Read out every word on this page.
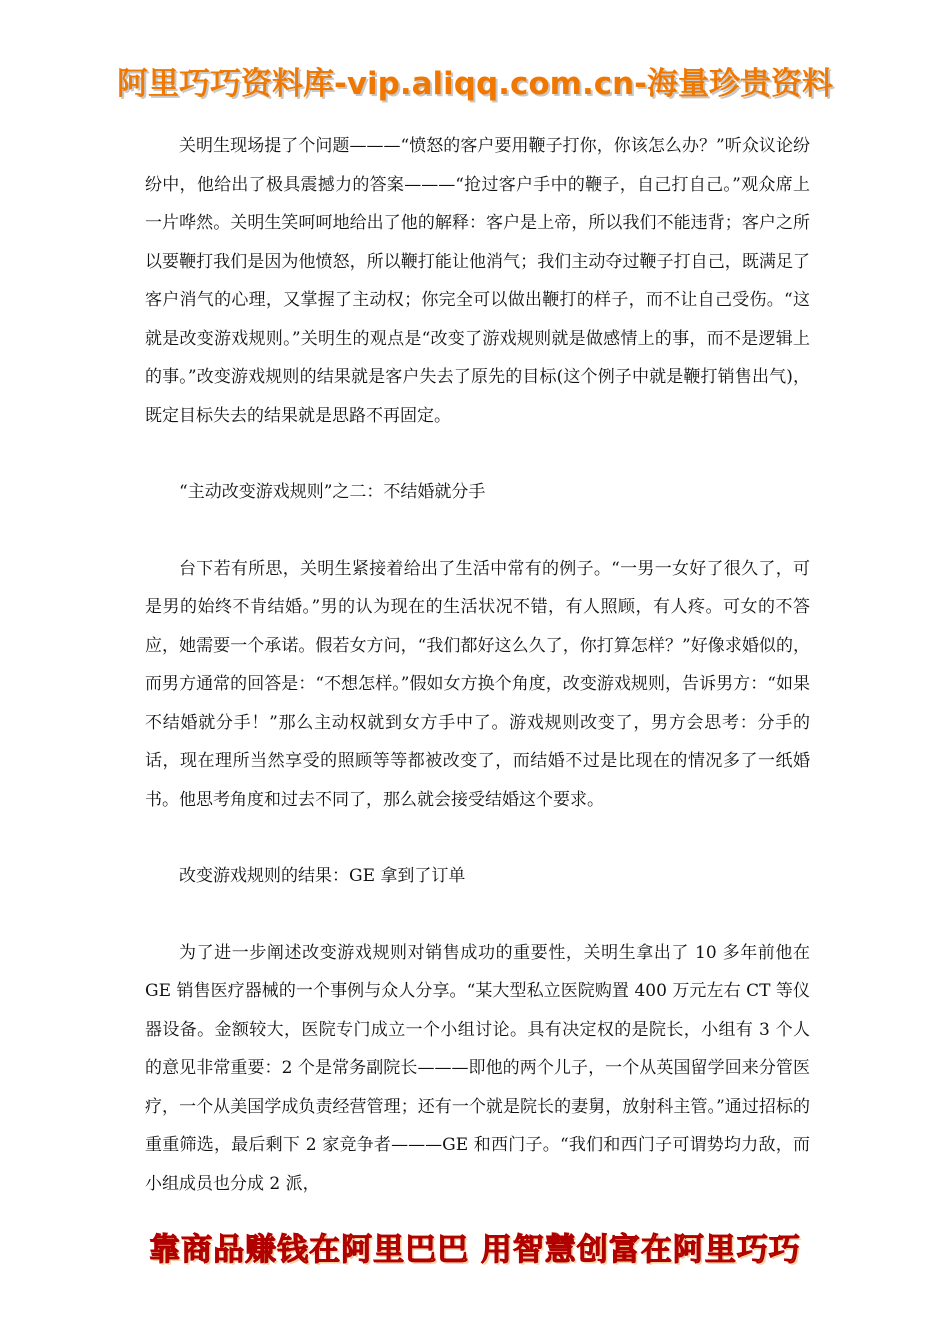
阿里巧巧资料库-vip.aliqq.com.cn-海量珍贵资料

关明生现场提了个问题———“愤怒的客户要用鞭子打你，你该怎么办？”听众议论纷纷中，他给出了极具震撼力的答案———“抢过客户手中的鞭子，自己打自己。”观众席上一片哗然。关明生笑呵呵地给出了他的解释：客户是上帝，所以我们不能违背；客户之所以要鞭打我们是因为他愤怒，所以鞭打能让他消气；我们主动夺过鞭子打自己，既满足了客户消气的心理，又掌握了主动权；你完全可以做出鞭打的样子，而不让自己受伤。“这就是改变游戏规则。”关明生的观点是“改变了游戏规则就是做感情上的事，而不是逻辑上的事。”改变游戏规则的结果就是客户失去了原先的目标(这个例子中就是鞭打销售出气)，既定目标失去的结果就是思路不再固定。

“主动改变游戏规则”之二：不结婚就分手

台下若有所思，关明生紧接着给出了生活中常有的例子。“一男一女好了很久了，可是男的始终不肯结婚。”男的认为现在的生活状况不错，有人照顾，有人疼。可女的不答应，她需要一个承诺。假若女方问，“我们都好这么久了，你打算怎样？”好像求婚似的，而男方通常的回答是：“不想怎样。”假如女方换个角度，改变游戏规则，告诉男方：“如果不结婚就分手！”那么主动权就到女方手中了。游戏规则改变了，男方会思考：分手的话，现在理所当然享受的照顾等等都被改变了，而结婚不过是比现在的情况多了一纸婚书。他思考角度和过去不同了，那么就会接受结婚这个要求。

改变游戏规则的结果：GE 拿到了订单

为了进一步阐述改变游戏规则对销售成功的重要性，关明生拿出了 10 多年前他在 GE 销售医疗器械的一个事例与众人分享。“某大型私立医院购置 400 万元左右 CT 等仪器设备。金额较大，医院专门成立一个小组讨论。具有决定权的是院长，小组有 3 个人的意见非常重要：2 个是常务副院长———即他的两个儿子，一个从英国留学回来分管医疗，一个从美国学成负责经营管理；还有一个就是院长的妻舅，放射科主管。”通过招标的重重筛选，最后剩下 2 家竞争者———GE 和西门子。“我们和西门子可谓势均力敌，而小组成员也分成 2 派，

靠商品赚钱在阿里巴巴 用智慧创富在阿里巧巧
